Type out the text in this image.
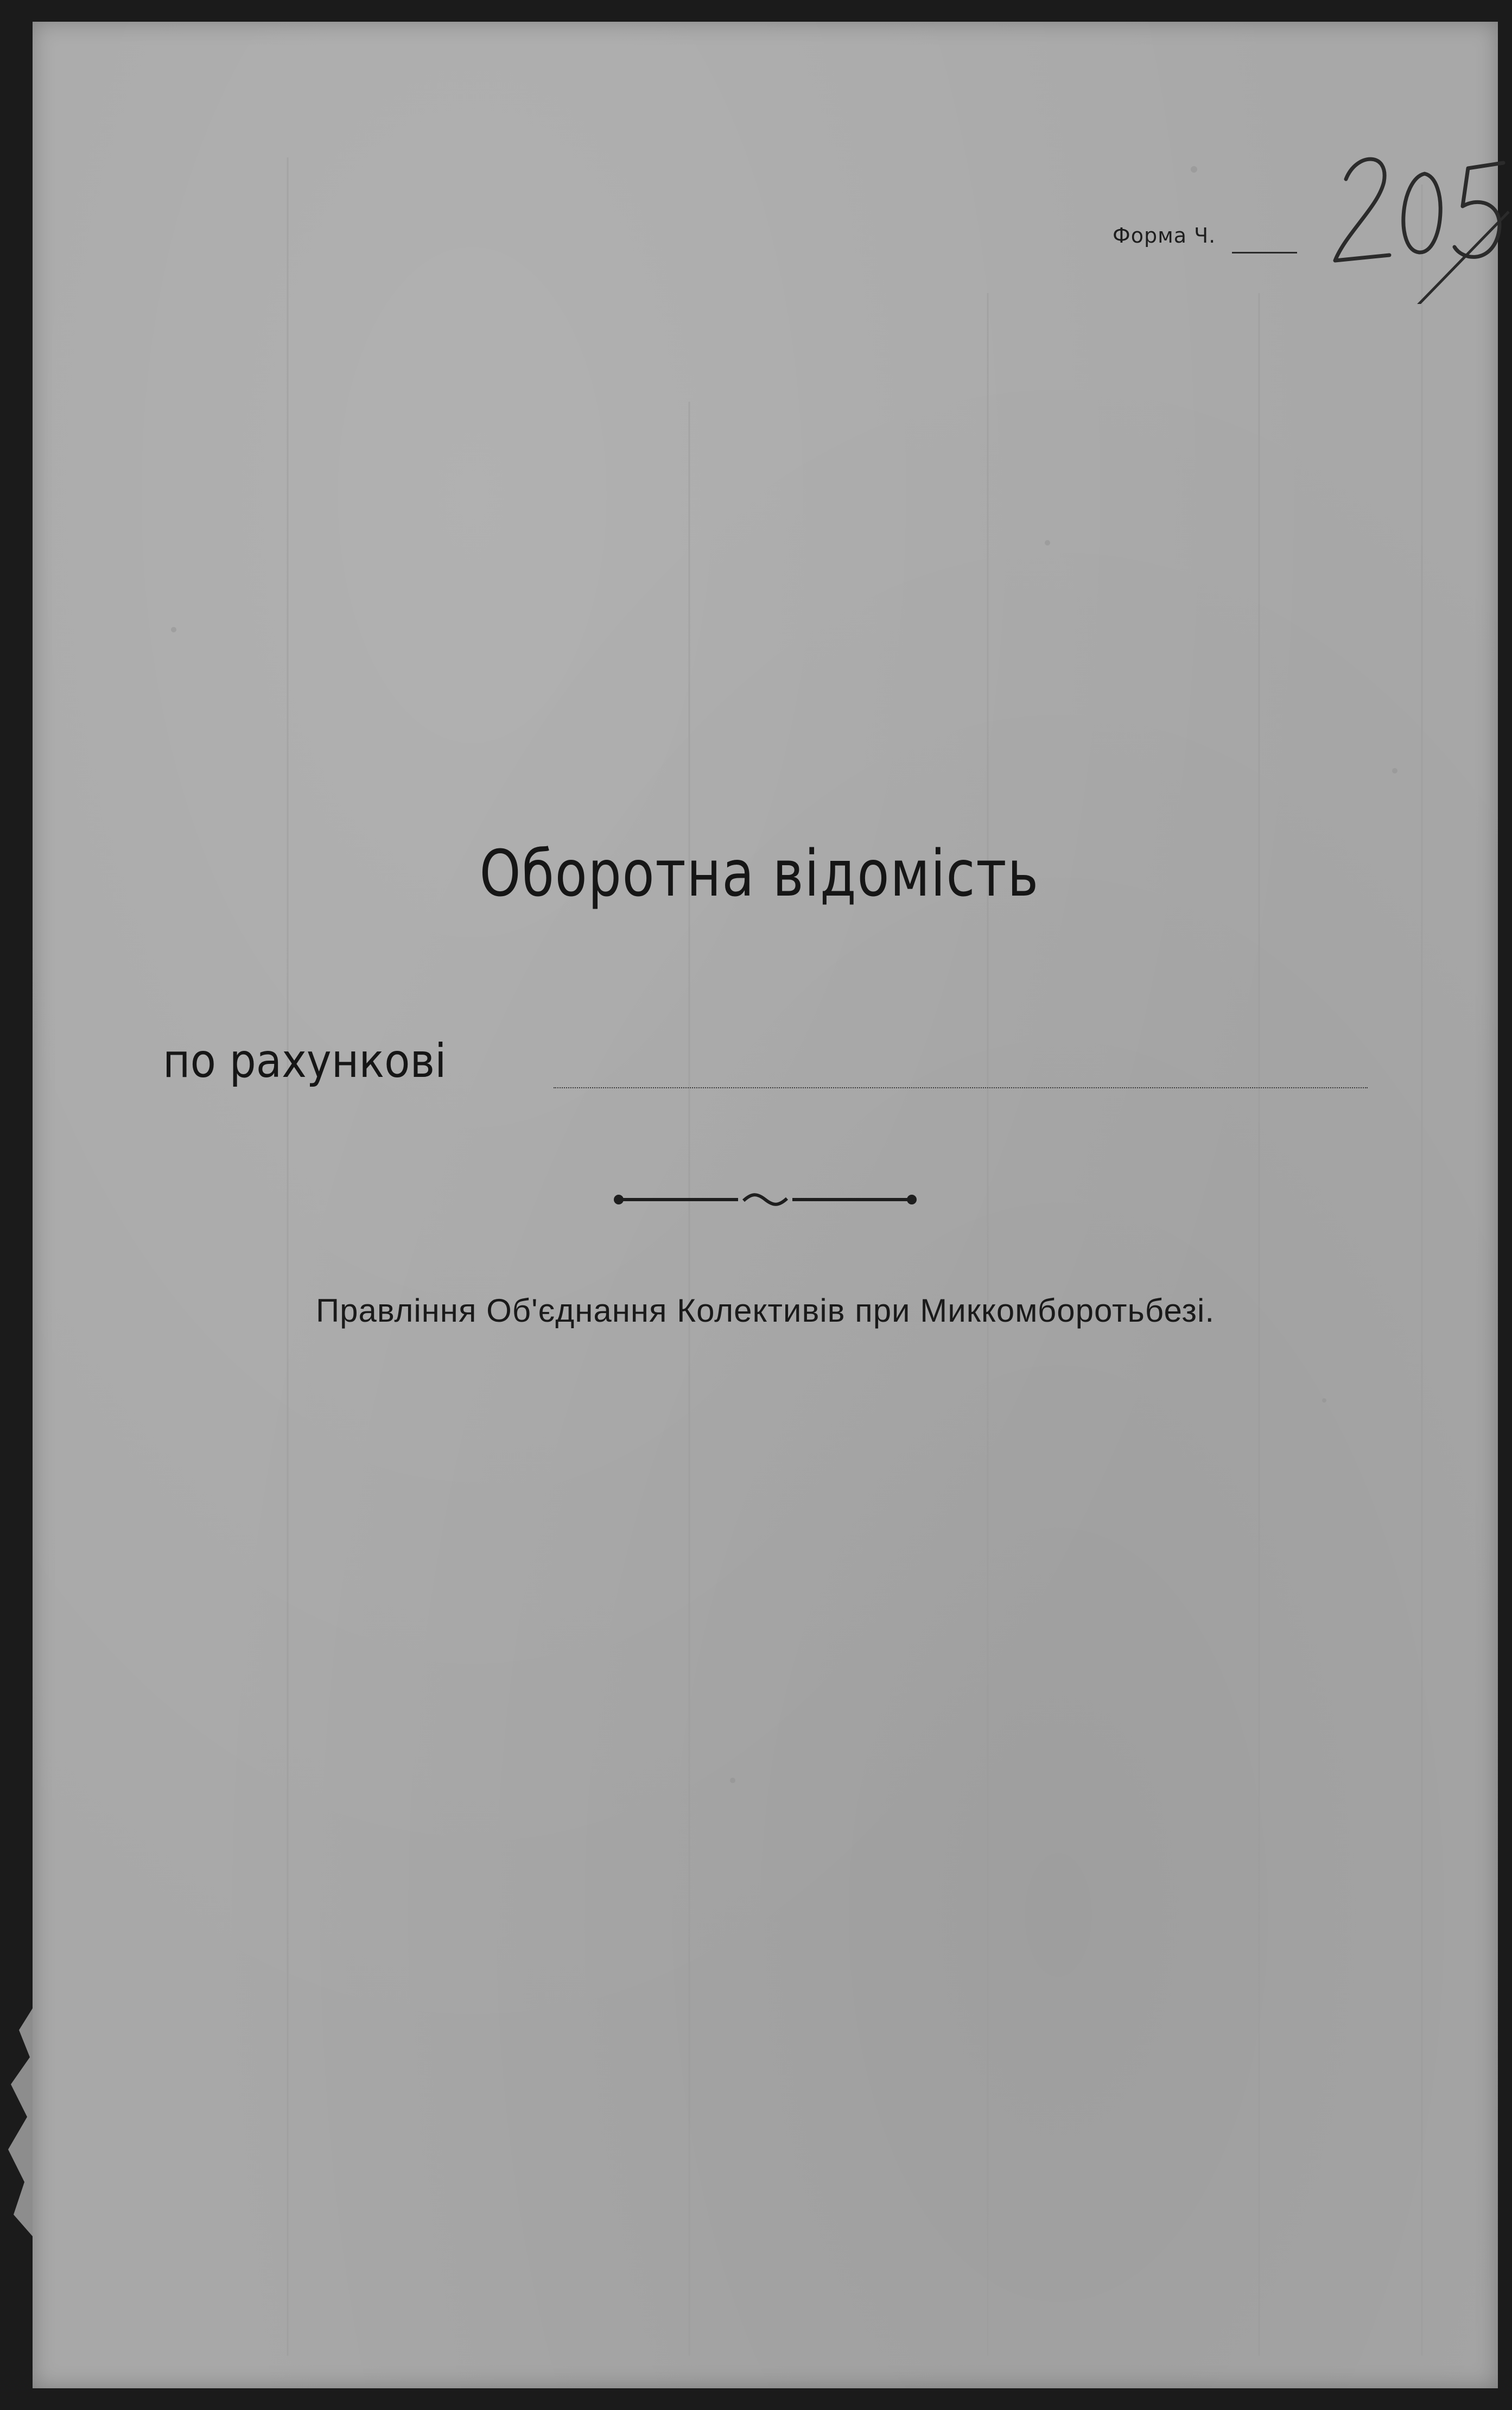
Форма Ч.
Оборотна відомість
по рахункові
Правління Об'єднання Колективів при Миккомборотьбезі.
